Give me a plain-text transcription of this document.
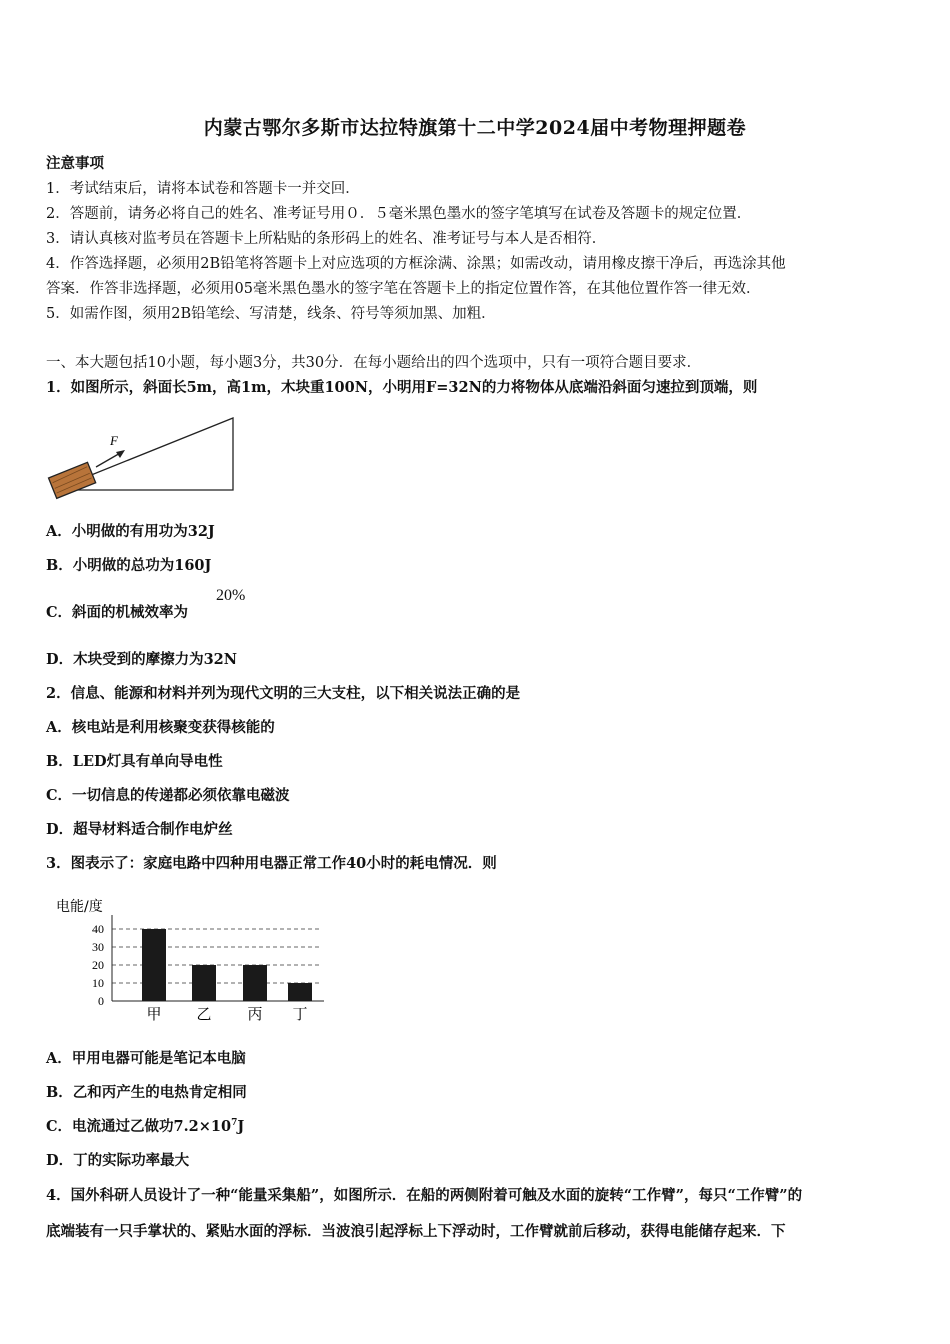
内蒙古鄂尔多斯市达拉特旗第十二中学2024届中考物理押题卷
注意事项
1．考试结束后，请将本试卷和答题卡一并交回．
2．答题前，请务必将自己的姓名、准考证号用０．５毫米黑色墨水的签字笔填写在试卷及答题卡的规定位置．
3．请认真核对监考员在答题卡上所粘贴的条形码上的姓名、准考证号与本人是否相符．
4．作答选择题，必须用2B铅笔将答题卡上对应选项的方框涂满、涂黑；如需改动，请用橡皮擦干净后，再选涂其他
答案．作答非选择题，必须用05毫米黑色墨水的签字笔在答题卡上的指定位置作答，在其他位置作答一律无效．
5．如需作图，须用2B铅笔绘、写清楚，线条、符号等须加黑、加粗．
一、本大题包括10小题，每小题3分，共30分．在每小题给出的四个选项中，只有一项符合题目要求．
1．如图所示，斜面长5m，高1m，木块重100N，小明用F=32N的力将物体从底端沿斜面匀速拉到顶端，则
F
A．小明做的有用功为32J
B．小明做的总功为160J
C．斜面的机械效率为
20%
D．木块受到的摩擦力为32N
2．信息、能源和材料并列为现代文明的三大支柱，以下相关说法正确的是
A．核电站是利用核聚变获得核能的
B．LED灯具有单向导电性
C．一切信息的传递都必须依靠电磁波
D．超导材料适合制作电炉丝
3．图表示了：家庭电路中四种用电器正常工作40小时的耗电情况．则
电能/度
40
30
20
10
0
甲 乙 丙 丁
A．甲用电器可能是笔记本电脑
B．乙和丙产生的电热肯定相同
C．电流通过乙做功$7.2\times 10^7J$
D．丁的实际功率最大
4．国外科研人员设计了一种“能量采集船”，如图所示．在船的两侧附着可触及水面的旋转“工作臂”，每只“工作臂”的
底端装有一只手掌状的、紧贴水面的浮标．当波浪引起浮标上下浮动时，工作臂就前后移动，获得电能储存起来．下
